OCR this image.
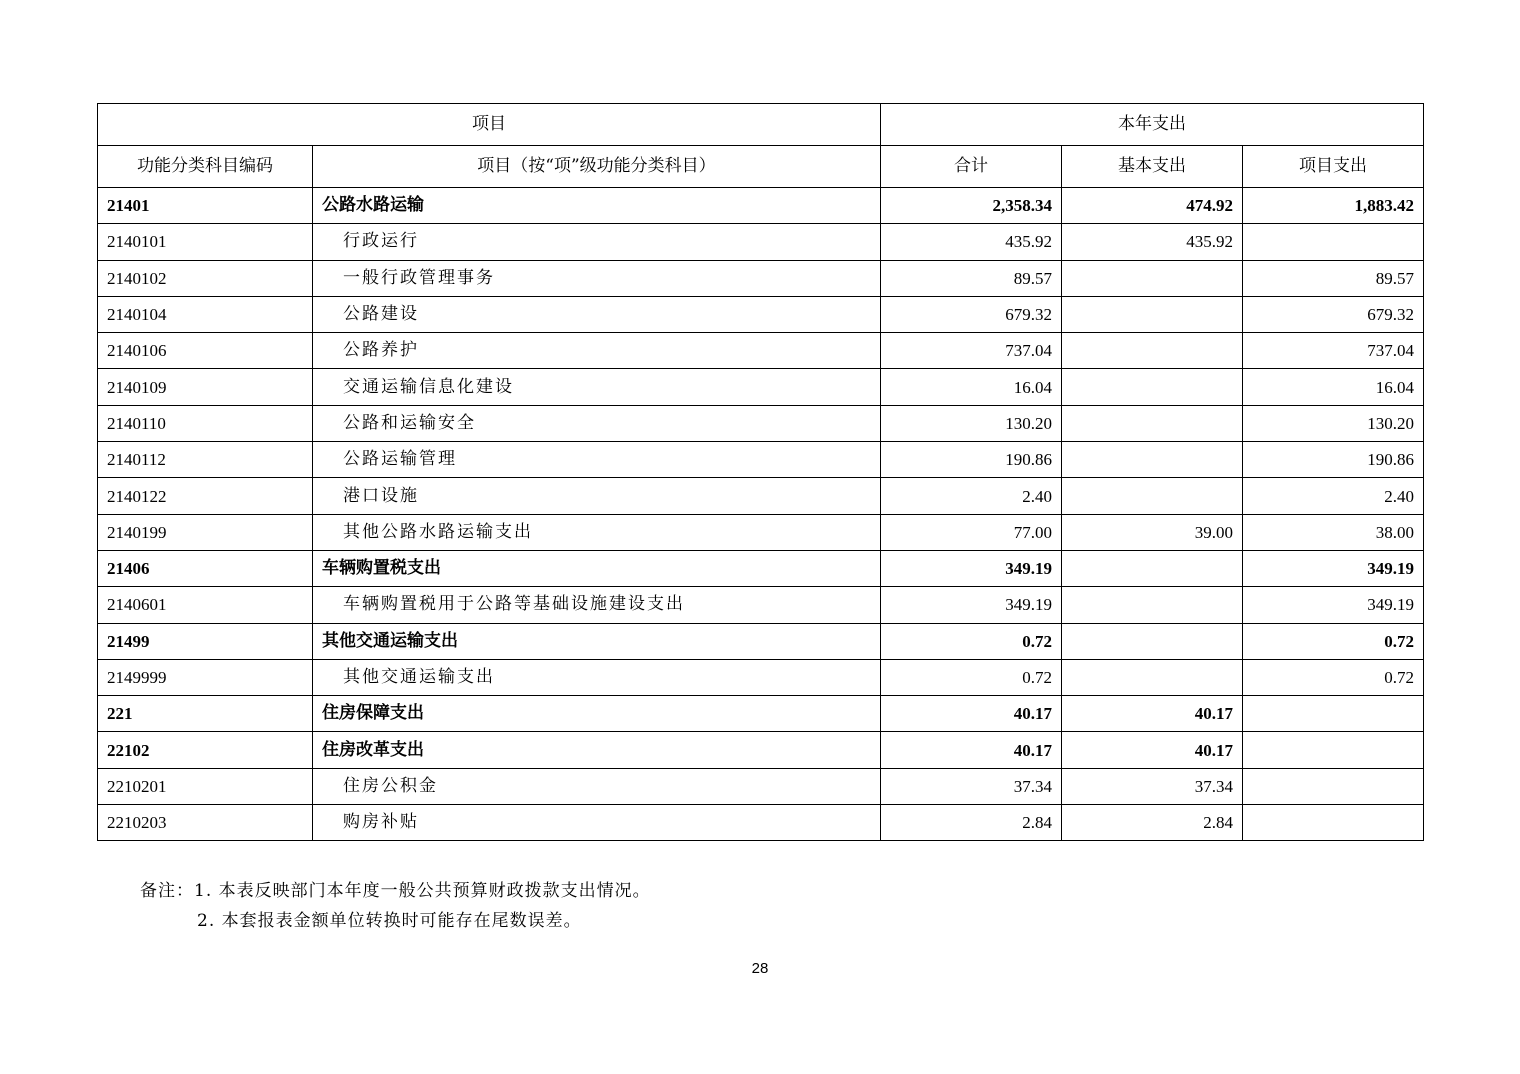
项目		本年支出		
功能分类科目编码	项目（按“项”级功能分类科目）	合计	基本支出	项目支出
21401	公路水路运输	2,358.34	474.92	1,883.42
2140101	行政运行	435.92	435.92	
2140102	一般行政管理事务	89.57		89.57
2140104	公路建设	679.32		679.32
2140106	公路养护	737.04		737.04
2140109	交通运输信息化建设	16.04		16.04
2140110	公路和运输安全	130.20		130.20
2140112	公路运输管理	190.86		190.86
2140122	港口设施	2.40		2.40
2140199	其他公路水路运输支出	77.00	39.00	38.00
21406	车辆购置税支出	349.19		349.19
2140601	车辆购置税用于公路等基础设施建设支出	349.19		349.19
21499	其他交通运输支出	0.72		0.72
2149999	其他交通运输支出	0.72		0.72
221	住房保障支出	40.17	40.17	
22102	住房改革支出	40.17	40.17	
2210201	住房公积金	37.34	37.34	
2210203	购房补贴	2.84	2.84	
备注：1. 本表反映部门本年度一般公共预算财政拨款支出情况。
2. 本套报表金额单位转换时可能存在尾数误差。
28
